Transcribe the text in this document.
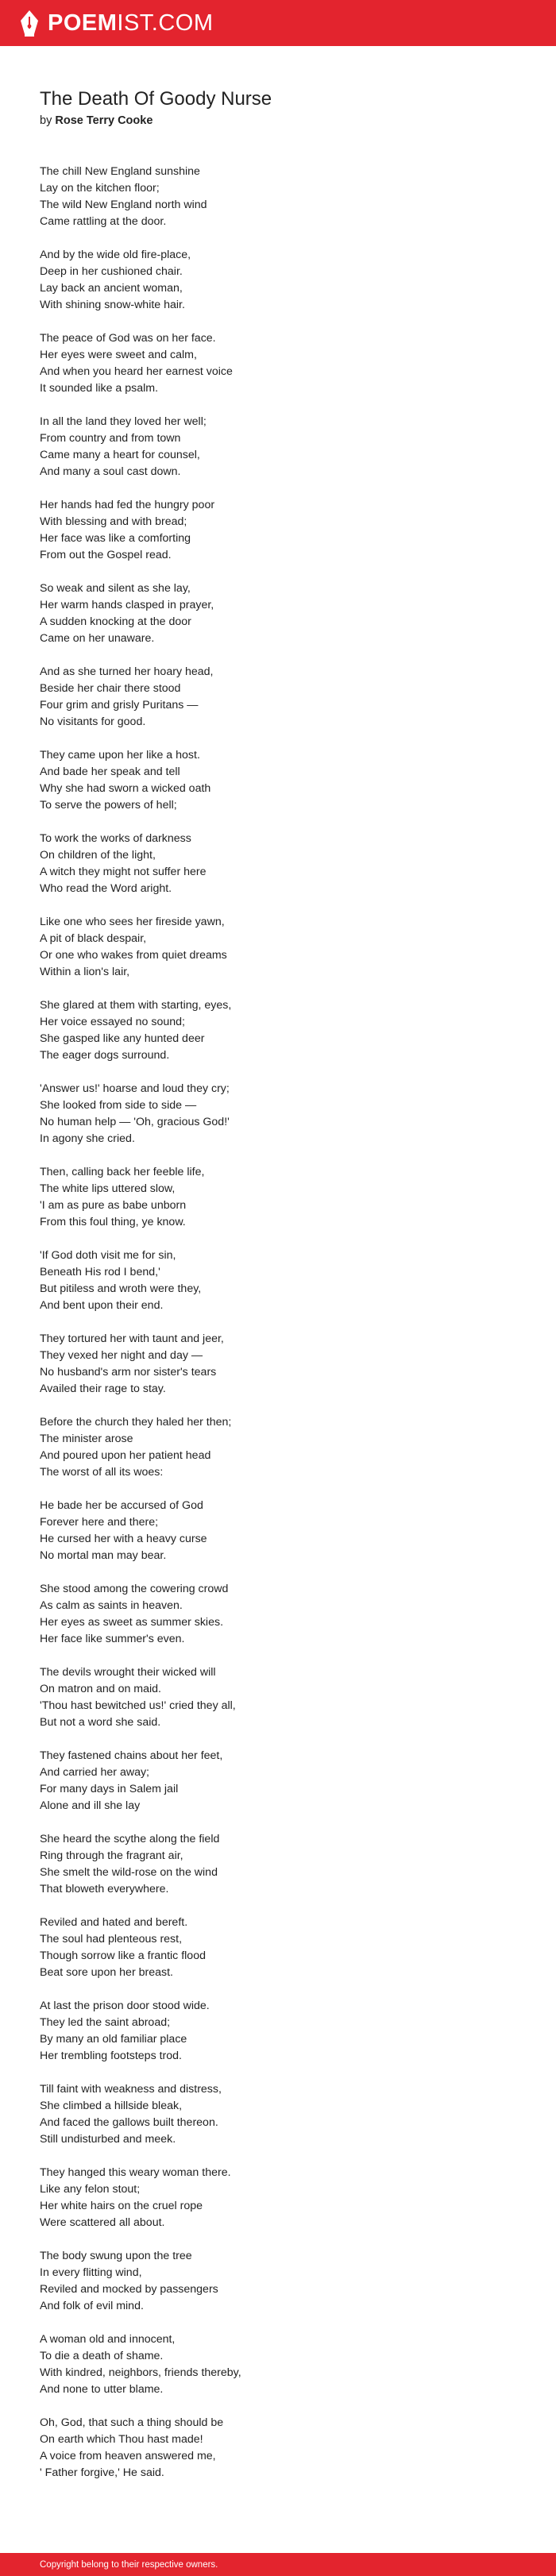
POEMIST.COM
The Death Of Goody Nurse
by Rose Terry Cooke
The chill New England sunshine
Lay on the kitchen floor;
The wild New England north wind
Came rattling at the door.
And by the wide old fire-place,
Deep in her cushioned chair.
Lay back an ancient woman,
With shining snow-white hair.
The peace of God was on her face.
Her eyes were sweet and calm,
And when you heard her earnest voice
It sounded like a psalm.
In all the land they loved her well;
From country and from town
Came many a heart for counsel,
And many a soul cast down.
Her hands had fed the hungry poor
With blessing and with bread;
Her face was like a comforting
From out the Gospel read.
So weak and silent as she lay,
Her warm hands clasped in prayer,
A sudden knocking at the door
Came on her unaware.
And as she turned her hoary head,
Beside her chair there stood
Four grim and grisly Puritans —
No visitants for good.
They came upon her like a host.
And bade her speak and tell
Why she had sworn a wicked oath
To serve the powers of hell;
To work the works of darkness
On children of the light,
A witch they might not suffer here
Who read the Word aright.
Like one who sees her fireside yawn,
A pit of black despair,
Or one who wakes from quiet dreams
Within a lion's lair,
She glared at them with starting, eyes,
Her voice essayed no sound;
She gasped like any hunted deer
The eager dogs surround.
'Answer us!' hoarse and loud they cry;
She looked from side to side —
No human help — 'Oh, gracious God!'
In agony she cried.
Then, calling back her feeble life,
The white lips uttered slow,
'I am as pure as babe unborn
From this foul thing, ye know.
'If God doth visit me for sin,
Beneath His rod I bend,'
But pitiless and wroth were they,
And bent upon their end.
They tortured her with taunt and jeer,
They vexed her night and day —
No husband's arm nor sister's tears
Availed their rage to stay.
Before the church they haled her then;
The minister arose
And poured upon her patient head
The worst of all its woes:
He bade her be accursed of God
Forever here and there;
He cursed her with a heavy curse
No mortal man may bear.
She stood among the cowering crowd
As calm as saints in heaven.
Her eyes as sweet as summer skies.
Her face like summer's even.
The devils wrought their wicked will
On matron and on maid.
'Thou hast bewitched us!' cried they all,
But not a word she said.
They fastened chains about her feet,
And carried her away;
For many days in Salem jail
Alone and ill she lay
She heard the scythe along the field
Ring through the fragrant air,
She smelt the wild-rose on the wind
That bloweth everywhere.
Reviled and hated and bereft.
The soul had plenteous rest,
Though sorrow like a frantic flood
Beat sore upon her breast.
At last the prison door stood wide.
They led the saint abroad;
By many an old familiar place
Her trembling footsteps trod.
Till faint with weakness and distress,
She climbed a hillside bleak,
And faced the gallows built thereon.
Still undisturbed and meek.
They hanged this weary woman there.
Like any felon stout;
Her white hairs on the cruel rope
Were scattered all about.
The body swung upon the tree
In every flitting wind,
Reviled and mocked by passengers
And folk of evil mind.
A woman old and innocent,
To die a death of shame.
With kindred, neighbors, friends thereby,
And none to utter blame.
Oh, God, that such a thing should be
On earth which Thou hast made!
A voice from heaven answered me,
' Father forgive,' He said.
Copyright belong to their respective owners.
